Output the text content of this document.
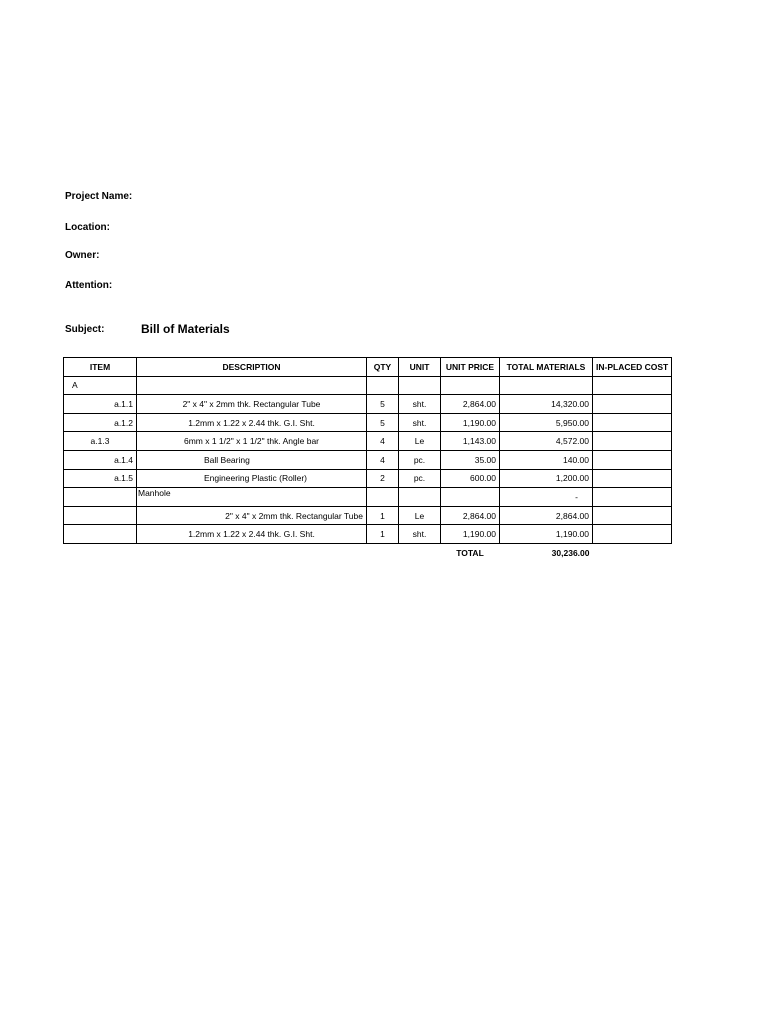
Project Name:
Location:
Owner:
Attention:
Subject:	Bill of Materials
ITEM	DESCRIPTION	QTY	UNIT	UNIT PRICE	TOTAL MATERIALS	IN-PLACED COST
A						
a.1.1	2" x 4" x 2mm thk. Rectangular Tube	5	sht.	2,864.00	14,320.00	
a.1.2	1.2mm x 1.22 x 2.44 thk. G.I. Sht.	5	sht.	1,190.00	5,950.00	
a.1.3	6mm x 1 1/2" x 1 1/2" thk. Angle bar	4	Le	1,143.00	4,572.00	
a.1.4	Ball Bearing	4	pc.	35.00	140.00	
a.1.5	Engineering Plastic (Roller)	2	pc.	600.00	1,200.00	
	Manhole				-	
	2" x 4" x 2mm thk. Rectangular Tube	1	Le	2,864.00	2,864.00	
	1.2mm x 1.22 x 2.44 thk. G.I. Sht.	1	sht.	1,190.00	1,190.00	
				TOTAL	30,236.00	
